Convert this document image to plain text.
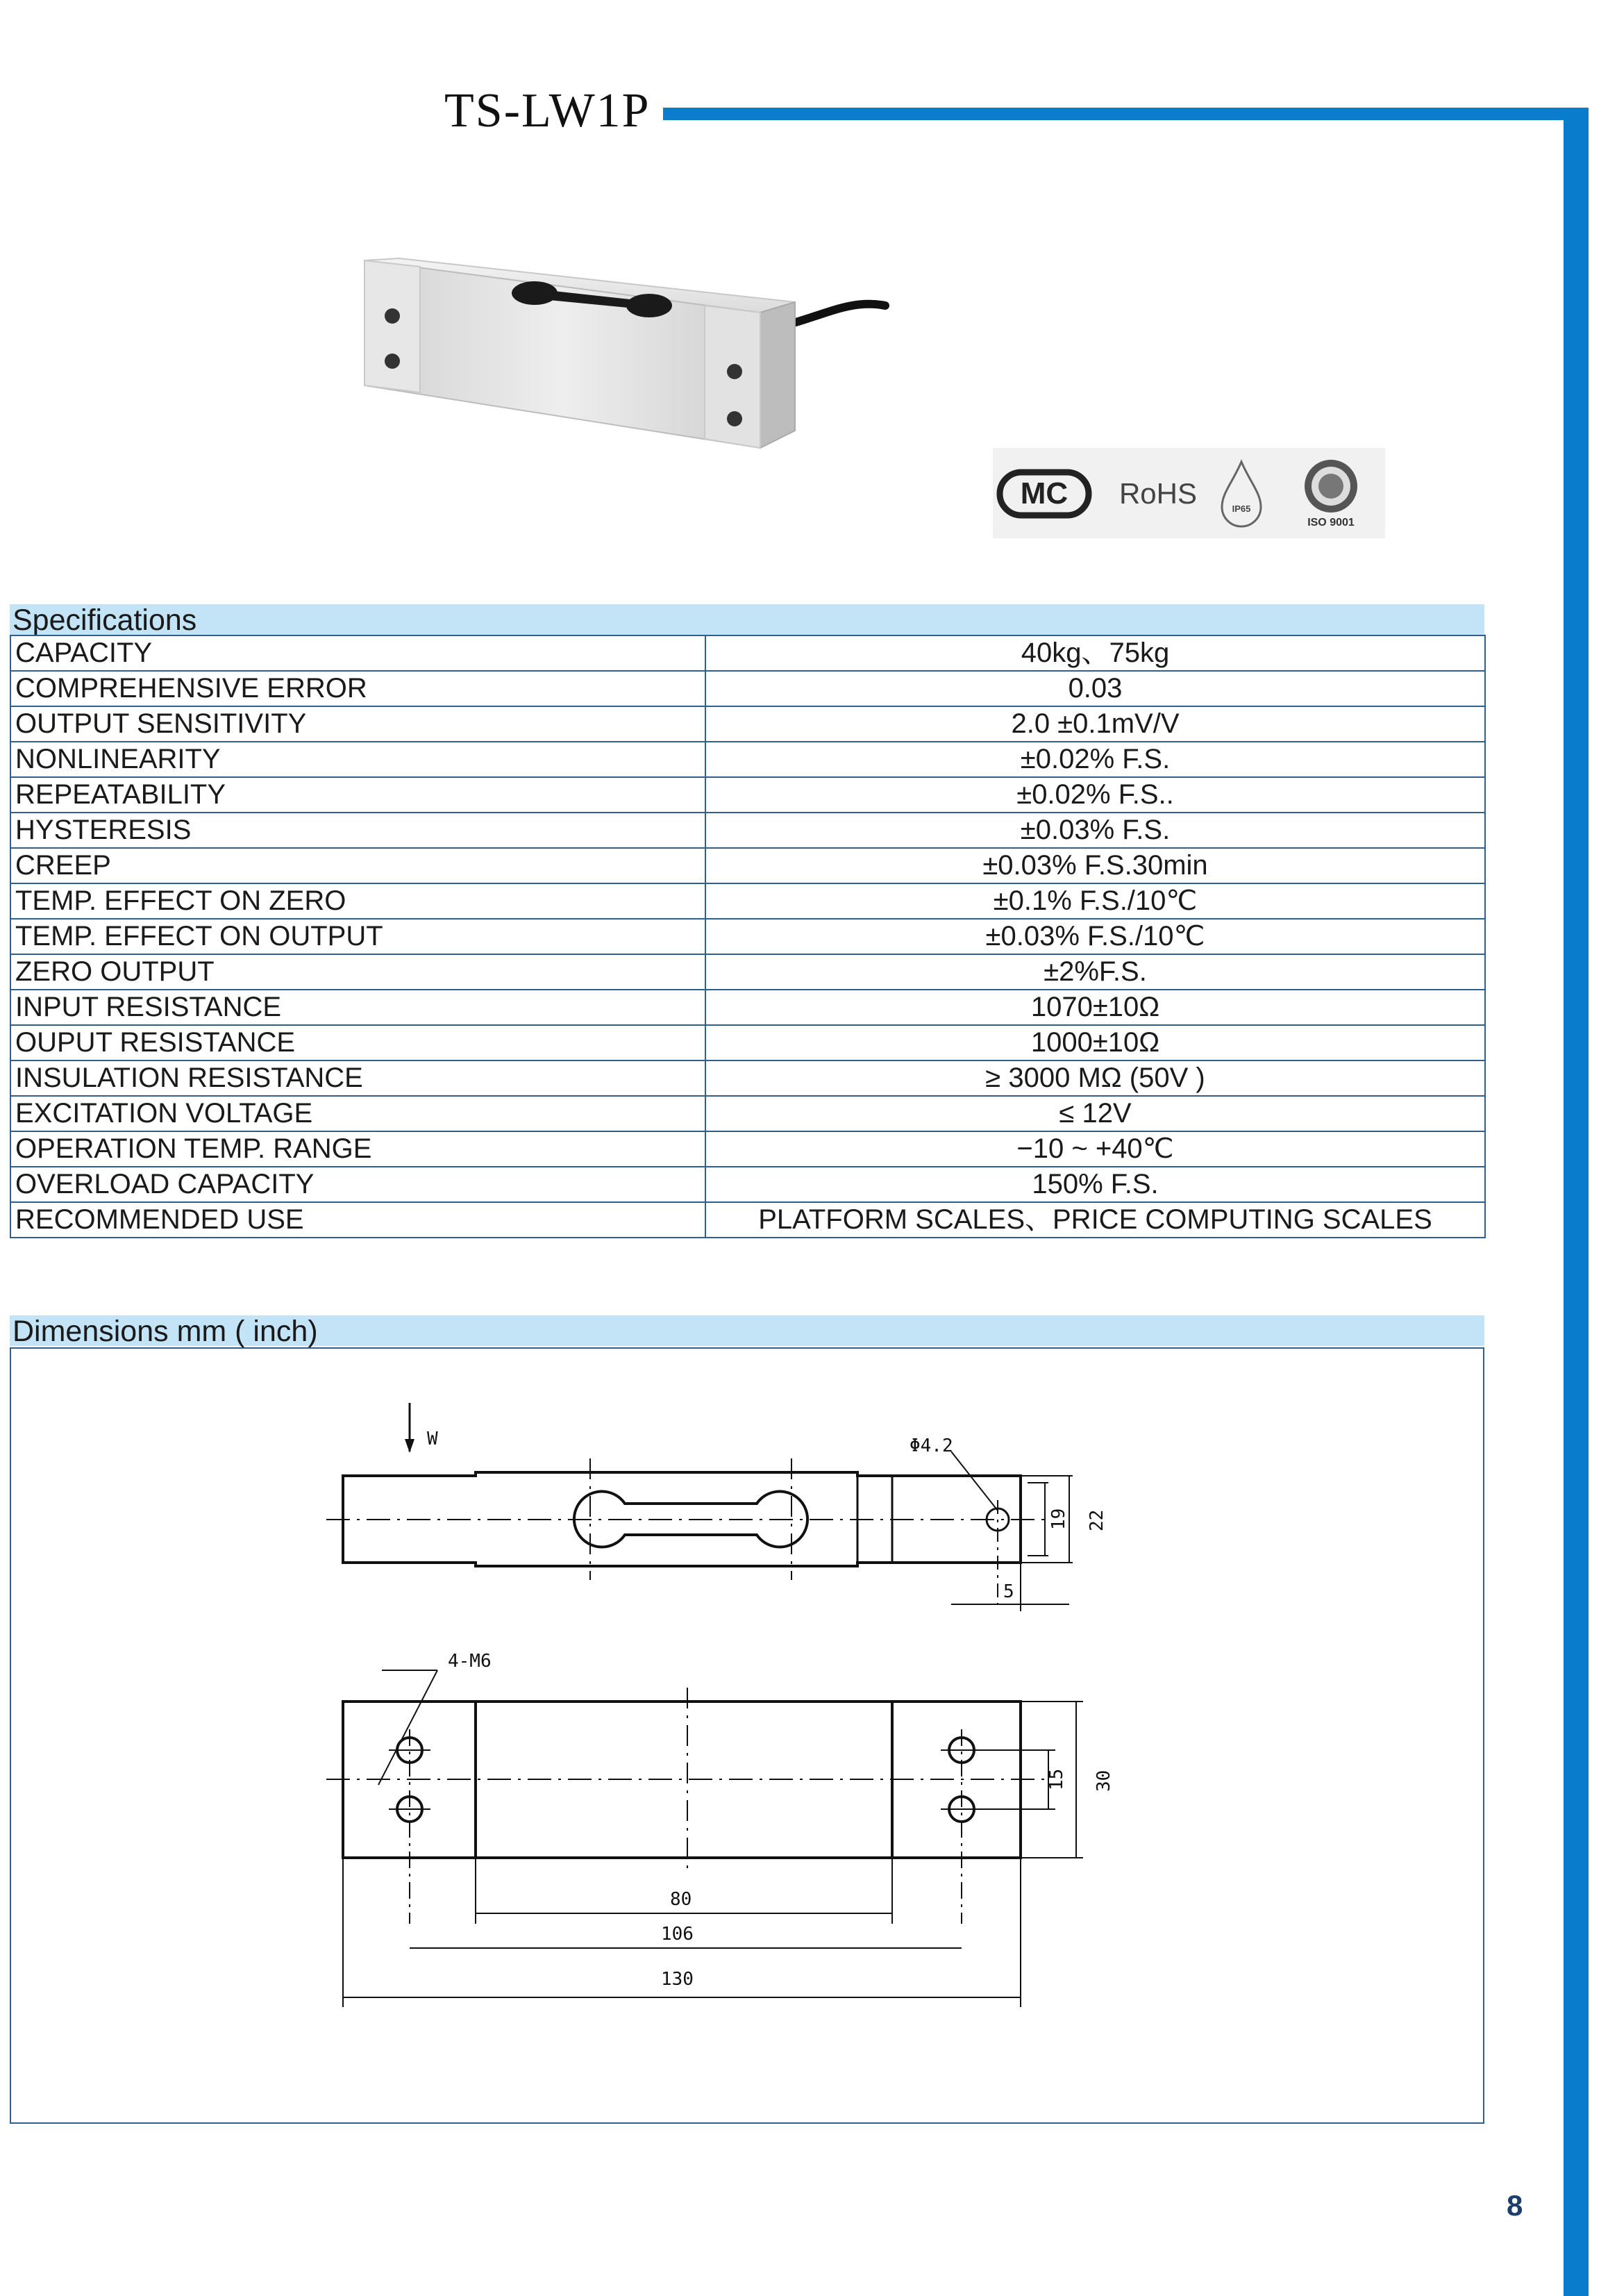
TS-LW1P
MC RoHS	IP65
ISO 9001
Specifications
CAPACITY	40kg、75kg
COMPREHENSIVE ERROR	0.03
OUTPUT SENSITIVITY	2.0 ±0.1mV/V
NONLINEARITY	±0.02% F.S.
REPEATABILITY	±0.02% F.S..
HYSTERESIS	±0.03% F.S.
CREEP	±0.03% F.S.30min
TEMP. EFFECT ON ZERO	±0.1% F.S./10℃
TEMP. EFFECT ON OUTPUT	±0.03% F.S./10℃
ZERO OUTPUT	±2%F.S.
INPUT RESISTANCE	1070±10Ω
OUPUT RESISTANCE	1000±10Ω
INSULATION RESISTANCE	≥ 3000 MΩ (50V )
EXCITATION VOLTAGE	≤ 12V
OPERATION TEMP. RANGE	−10 ~ +40℃
OVERLOAD CAPACITY	150% F.S.
RECOMMENDED USE	PLATFORM SCALES、PRICE COMPUTING SCALES
Dimensions mm ( inch)
W	Φ4.2
19 22
5
4-M6
15 30
80
106
130
8
